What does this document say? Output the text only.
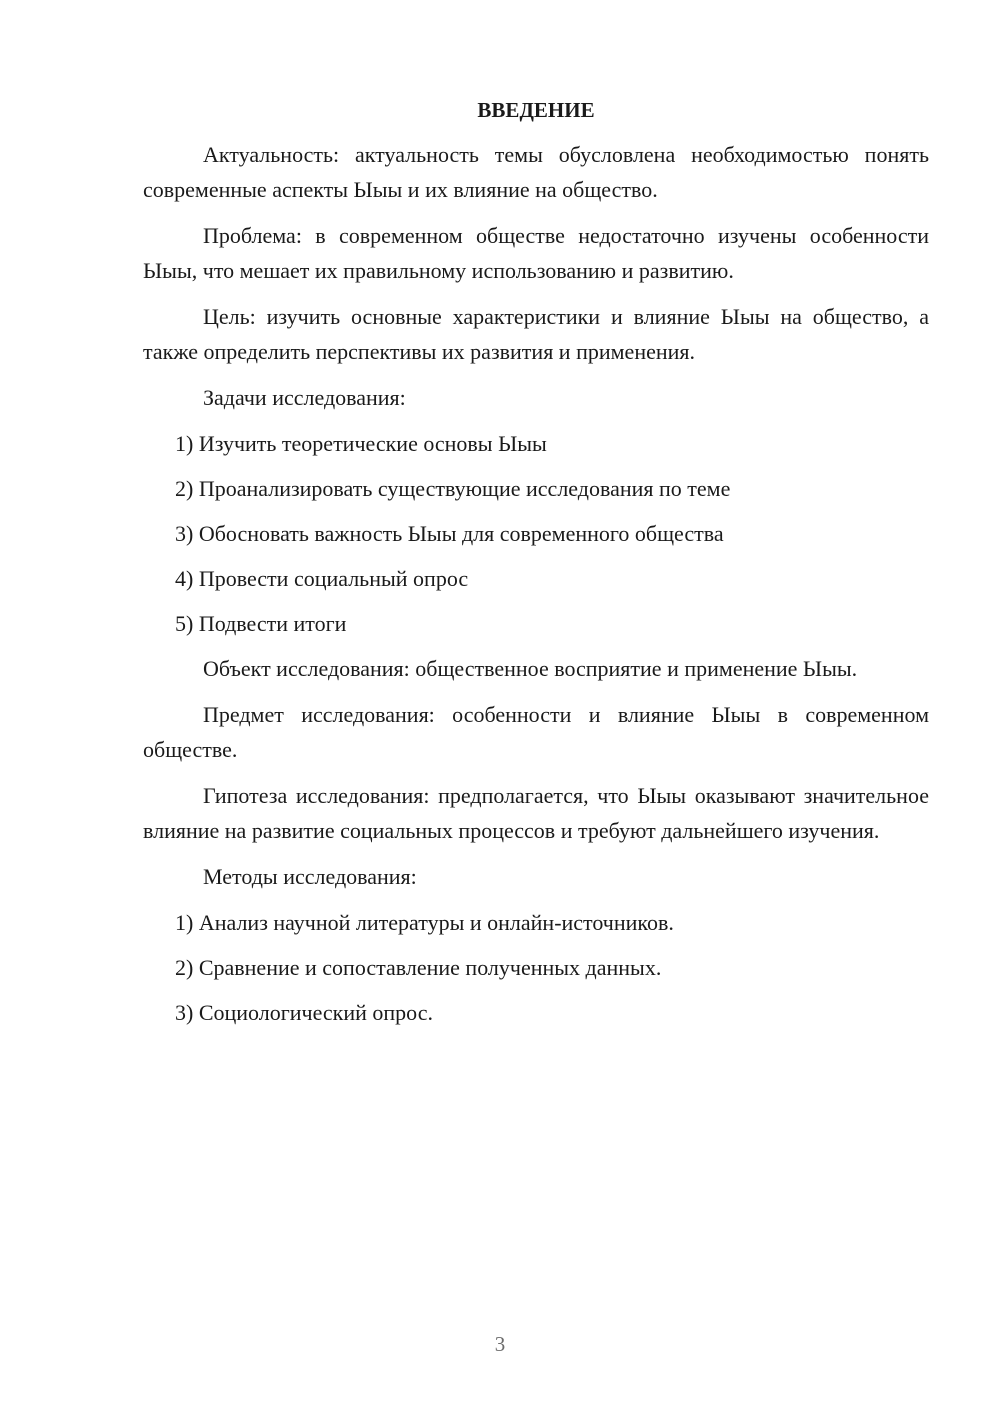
ВВЕДЕНИЕ

Актуальность: актуальность темы обусловлена необходимостью понять современные аспекты Ыыы и их влияние на общество.

Проблема: в современном обществе недостаточно изучены особенности Ыыы, что мешает их правильному использованию и развитию.

Цель: изучить основные характеристики и влияние Ыыы на общество, а также определить перспективы их развития и применения.

Задачи исследования:

1) Изучить теоретические основы Ыыы

2) Проанализировать существующие исследования по теме

3) Обосновать важность Ыыы для современного общества

4) Провести социальный опрос

5) Подвести итоги

Объект исследования: общественное восприятие и применение Ыыы.

Предмет исследования: особенности и влияние Ыыы в современном обществе.

Гипотеза исследования: предполагается, что Ыыы оказывают значительное влияние на развитие социальных процессов и требуют дальнейшего изучения.

Методы исследования:

1) Анализ научной литературы и онлайн-источников.

2) Сравнение и сопоставление полученных данных.

3) Социологический опрос.

3
